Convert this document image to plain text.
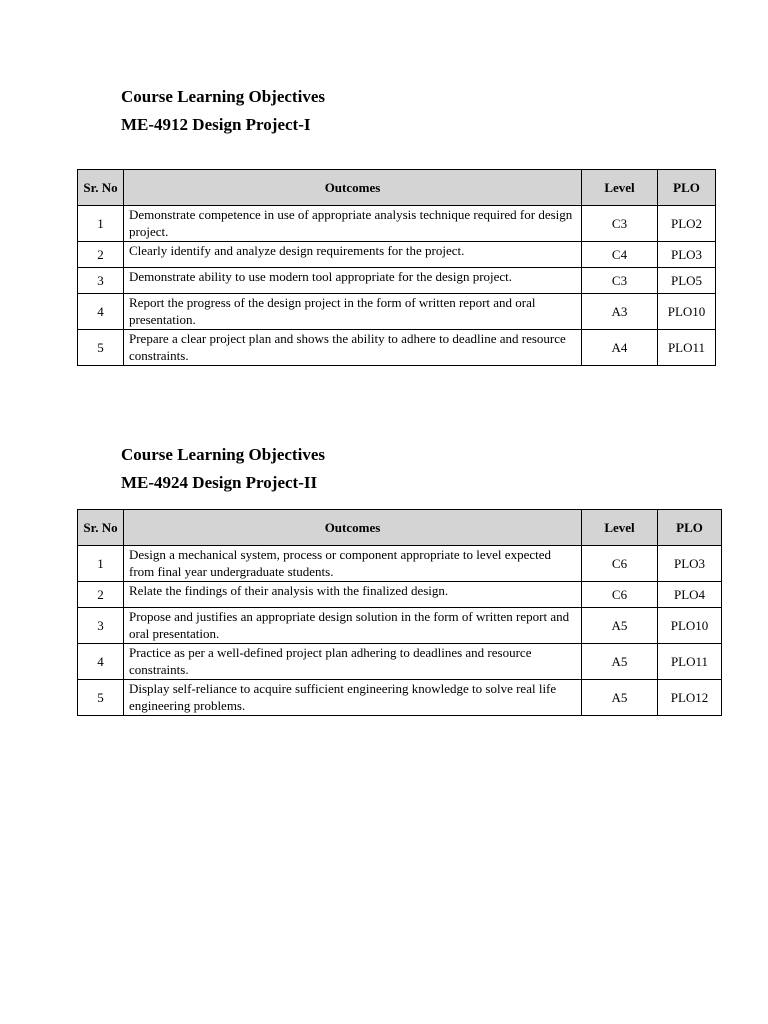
Course Learning Objectives
ME-4912 Design Project-I
Sr. No	Outcomes	Level	PLO
1	Demonstrate competence in use of appropriate analysis technique required for design project.	C3	PLO2
2	Clearly identify and analyze design requirements for the project.	C4	PLO3
3	Demonstrate ability to use modern tool appropriate for the design project.	C3	PLO5
4	Report the progress of the design project in the form of written report and oral presentation.	A3	PLO10
5	Prepare a clear project plan and shows the ability to adhere to deadline and resource constraints.	A4	PLO11
Course Learning Objectives
ME-4924 Design Project-II
Sr. No	Outcomes	Level	PLO
1	Design a mechanical system, process or component appropriate to level expected from final year undergraduate students.	C6	PLO3
2	Relate the findings of their analysis with the finalized design.	C6	PLO4
3	Propose and justifies an appropriate design solution in the form of written report and oral presentation.	A5	PLO10
4	Practice as per a well-defined project plan adhering to deadlines and resource constraints.	A5	PLO11
5	Display self-reliance to acquire sufficient engineering knowledge to solve real life engineering problems.	A5	PLO12
